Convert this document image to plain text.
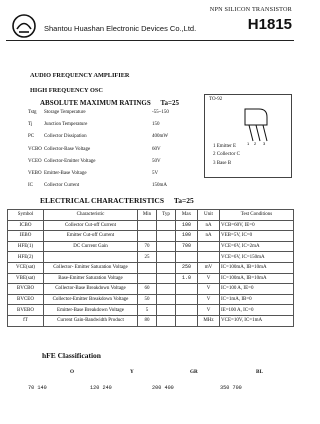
Shantou Huashan Electronic Devices Co.,Ltd.
NPN SILICON TRANSISTOR
H1815
AUDIO FREQUENCY AMPLIFIER
HIGH FREQUENCY OSC
ABSOLUTE MAXIMUM RATINGS Ta=25
Tstg Storage Temperature	-55~150
Tj Junction Temperature	150
PC Collector Dissipation	400mW
VCBO Collector-Base Voltage	60V
VCEO Collector-Emitter Voltage	50V
VEBO Emitter-Base Voltage	5V
IC Collector Current	150mA
TO-92
1 2 3
1 Emitter E
2 Collector C
3 Base B
ELECTRICAL CHARACTERISTICS Ta=25
Symbol	Characteristic	Min	Typ	Max	Unit	Test Conditions
ICBO	Collector Cut-off Current			100	nA	VCB=60V, IE=0
IEBO	Emitter Cut-off Current			100	nA	VEB=5V, IC=0
HFE(1)	DC Current Gain	70		700		VCE=6V, IC=2mA
HFE(2)		25				VCE=6V, IC=150mA
VCE(sat)	Collector- Emitter Saturation Voltage			250	mV	IC=100mA, IB=10mA
VBE(sat)	Base-Emitter Saturation Voltage			1.0	V	IC=100mA, IB=10mA
BVCBO	Collector-Base Breakdown Voltage	60			V	IC=100 A, IE=0
BVCEO	Collector-Emitter Breakdown Voltage	50			V	IC=1mA, IB=0
BVEBO	Emitter-Base Breakdown Voltage	5			V	IE=100 A, IC=0
fT	Current Gain-Bandwidth Product	80			MHz	VCE=10V, IC=1mA
hFE Classification
O	Y	GR	BL
70 140	120 240	200 400	350 700
